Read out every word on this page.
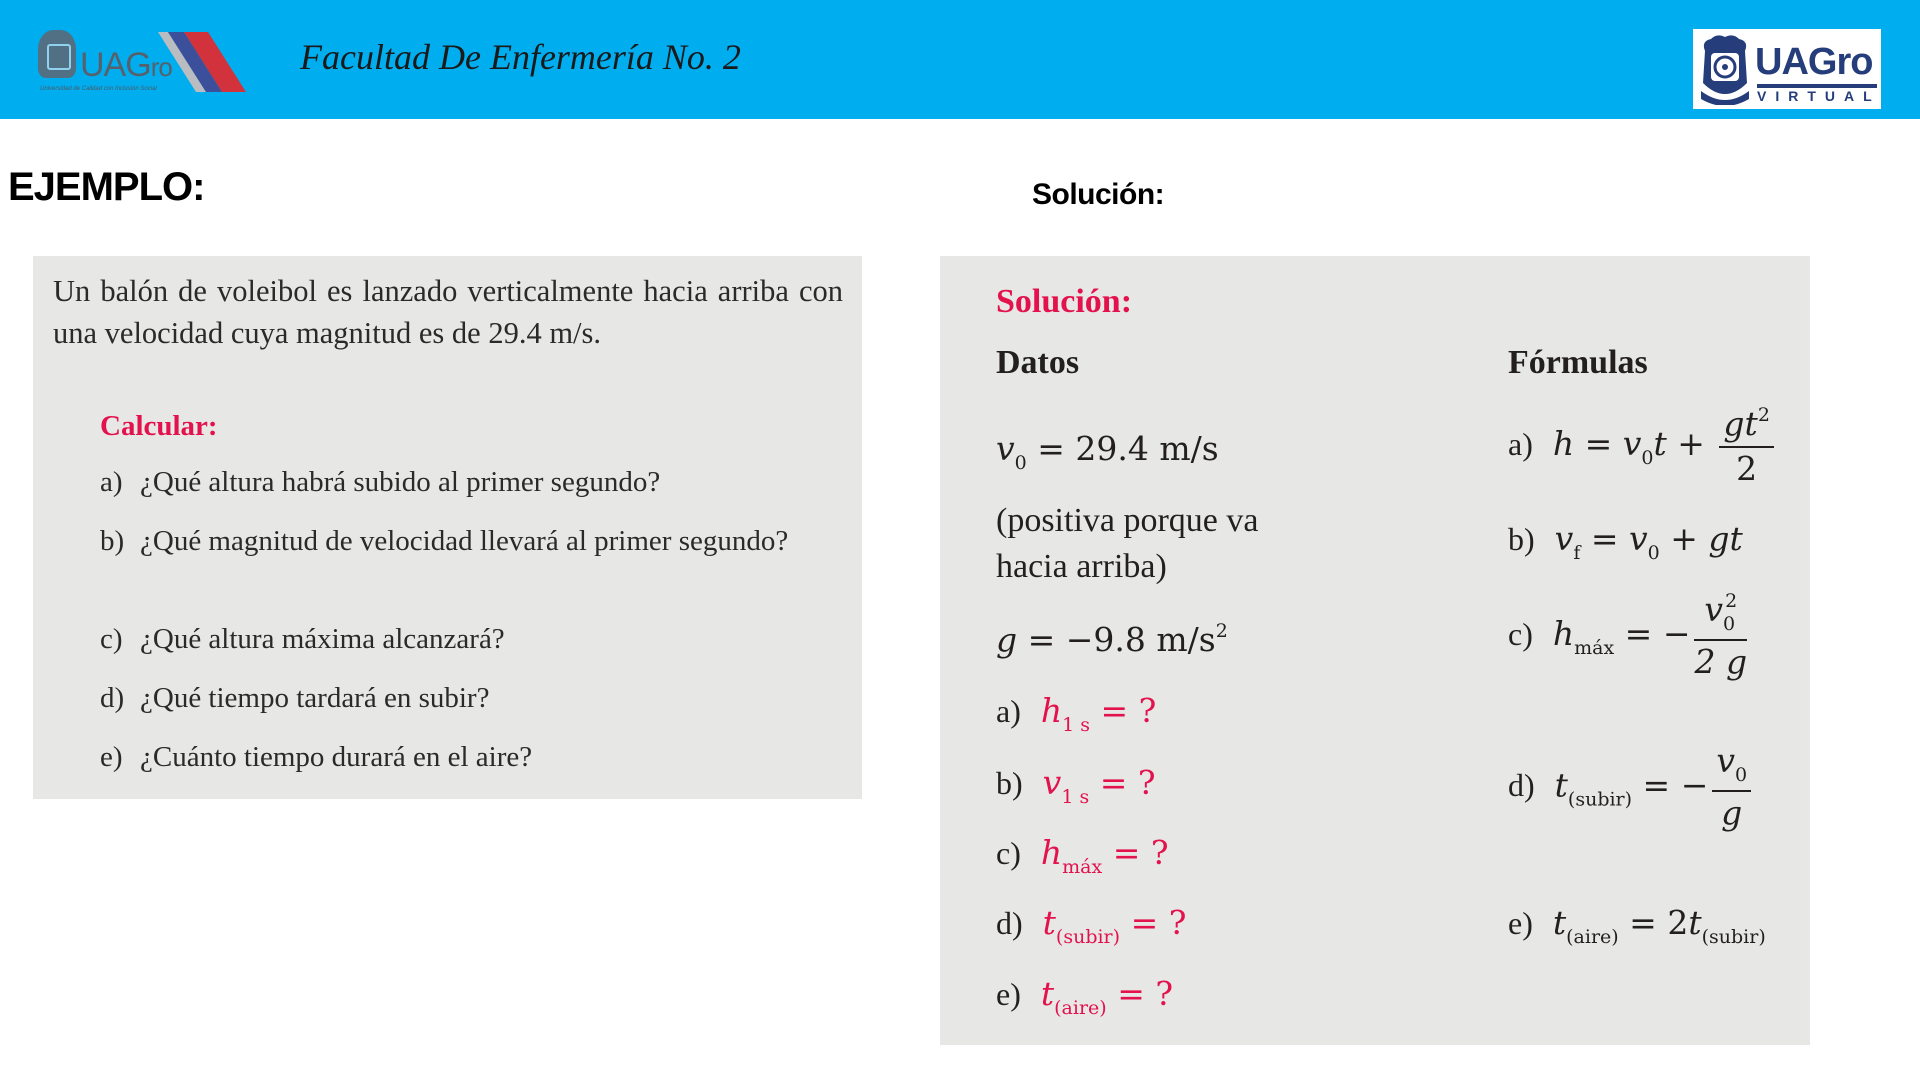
UAGro
Universidad de Calidad con Inclusión Social
Facultad De Enfermería No. 2	UAGro
VIRTUAL
EJEMPLO:	Solución:
Un balón de voleibol es lanzado verticalmente hacia arriba con una velocidad cuya magnitud es de 29.4 m/s.
Calcular:
a) ¿Qué altura habrá subido al primer segundo?
b) ¿Qué magnitud de velocidad llevará al primer segundo?
c) ¿Qué altura máxima alcanzará?
d) ¿Qué tiempo tardará en subir?
e) ¿Cuánto tiempo durará en el aire?
Solución:
Datos	Fórmulas
$v_0 = 29.4$ m/s
(positiva porque va hacia arriba)
g = −9.8 $m/s^2$
a) $h_{1 s}$ = ?
b) $v_{1 s}$ = ?
c) $h_{máx}$ = ?
d) $t_{(subir)}$ = ?
e) $t_{(aire)}$ = ?
a) $h = v_0t + \frac{gt^2}{2}$
b) $v_f = v_0$ + gt
c) $h_{máx}$ = − $\frac{v_0^2}{2 g}$
d) $t_{(subir)}$ = − $\frac{v_0}{g}$
e) $t_{(aire)} = 2t_{(subir)}$
